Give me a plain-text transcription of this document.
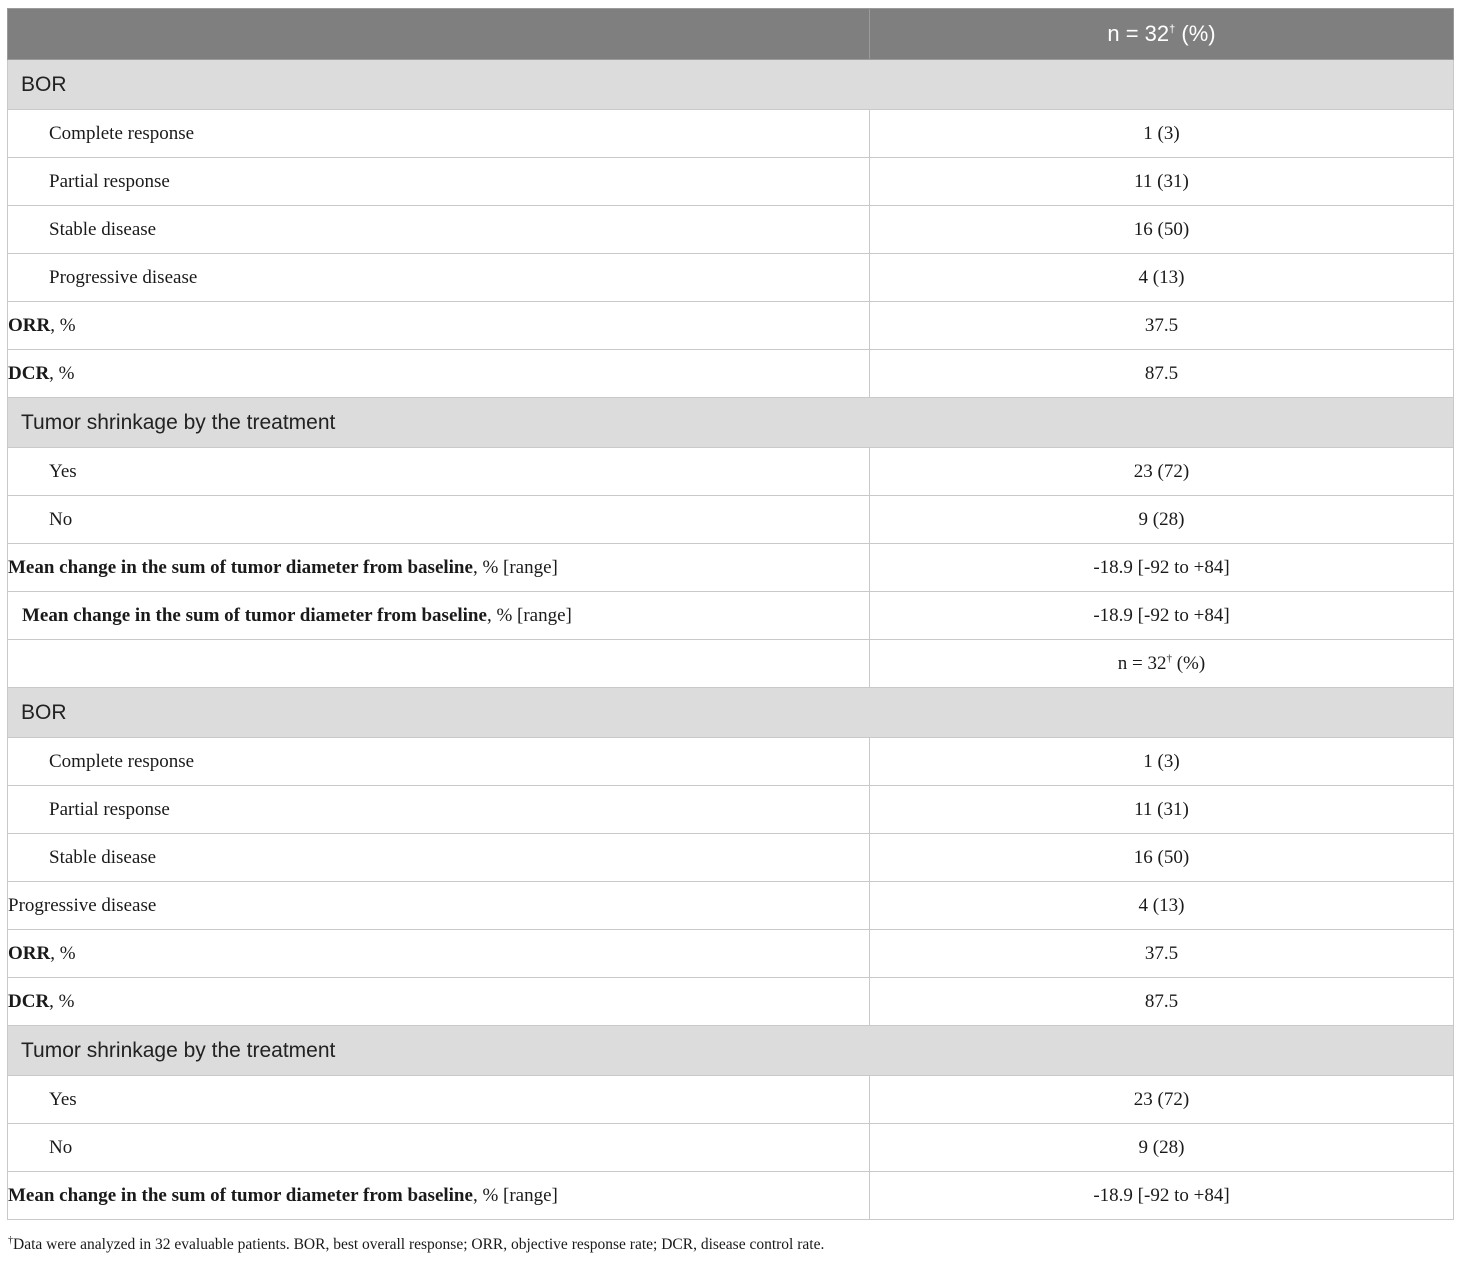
	n = 32† (%)
BOR	
Complete response	1 (3)
Partial response	11 (31)
Stable disease	16 (50)
Progressive disease	4 (13)
ORR, %	37.5
DCR, %	87.5
Tumor shrinkage by the treatment	
Yes	23 (72)
No	9 (28)
Mean change in the sum of tumor diameter from baseline, % [range]	-18.9 [-92 to +84]
Mean change in the sum of tumor diameter from baseline, % [range]	-18.9 [-92 to +84]
	n = 32† (%)
BOR	
Complete response	1 (3)
Partial response	11 (31)
Stable disease	16 (50)
Progressive disease	4 (13)
ORR, %	37.5
DCR, %	87.5
Tumor shrinkage by the treatment	
Yes	23 (72)
No	9 (28)
Mean change in the sum of tumor diameter from baseline, % [range]	-18.9 [-92 to +84]
†Data were analyzed in 32 evaluable patients. BOR, best overall response; ORR, objective response rate; DCR, disease control rate.
